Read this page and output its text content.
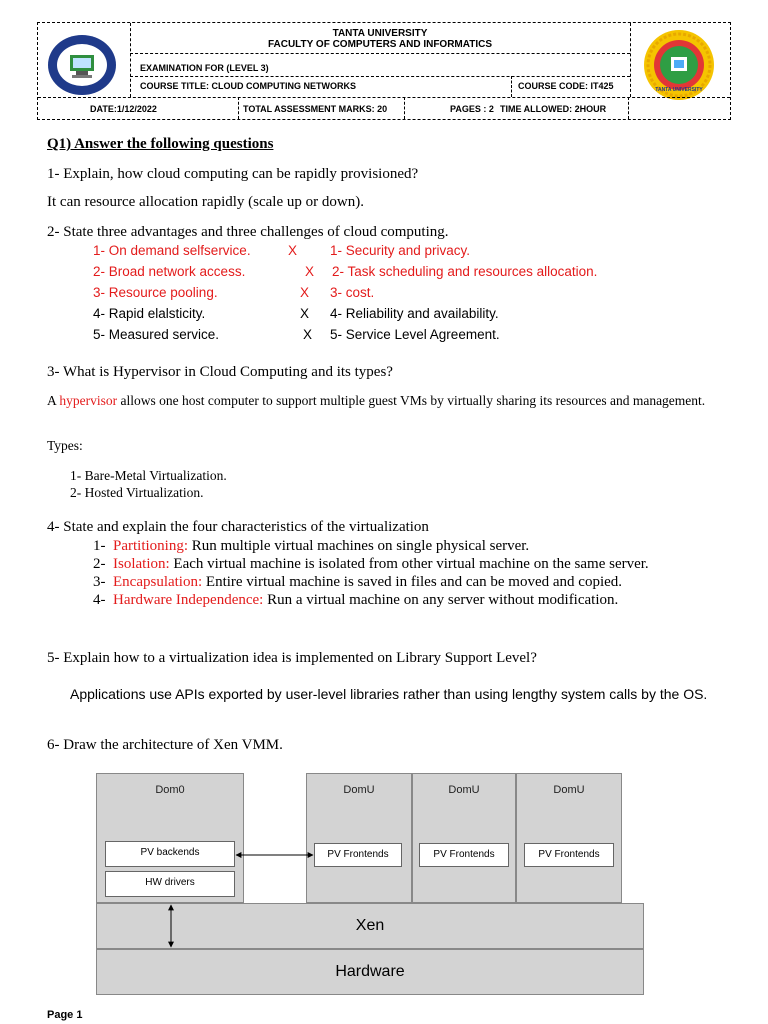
TANTA UNIVERSITY
TANTA UNIVERSITY
FACULTY OF COMPUTERS AND INFORMATICS
EXAMINATION FOR (LEVEL 3)
COURSE TITLE: CLOUD COMPUTING NETWORKS	COURSE CODE: IT425
DATE:1/12/2022	TOTAL ASSESSMENT MARKS: 20	PAGES : 2 TIME ALLOWED: 2HOUR
Q1) Answer the following questions
1- Explain, how cloud computing can be rapidly provisioned?
It can resource allocation rapidly (scale up or down).
2- State three advantages and three challenges of cloud computing.
1- On demand selfservice.	X 1- Security and privacy.
2- Broad network access.	X 2- Task scheduling and resources allocation.
3- Resource pooling.	X 3- cost.
4- Rapid elalsticity.	X 4- Reliability and availability.
5- Measured service.	X 5- Service Level Agreement.
3- What is Hypervisor in Cloud Computing and its types?
A hypervisor allows one host computer to support multiple guest VMs by virtually sharing its resources and management.
Types:
1- Bare-Metal Virtualization.
2- Hosted Virtualization.
4- State and explain the four characteristics of the virtualization
1- Partitioning: Run multiple virtual machines on single physical server.
2- Isolation: Each virtual machine is isolated from other virtual machine on the same server.
3- Encapsulation: Entire virtual machine is saved in files and can be moved and copied.
4- Hardware Independence: Run a virtual machine on any server without modification.
5- Explain how to a virtualization idea is implemented on Library Support Level?
Applications use APIs exported by user-level libraries rather than using lengthy system calls by the OS.
6- Draw the architecture of Xen VMM.
Dom0
PV backends
HW drivers
DomU	DomU	DomU
PV Frontends	PV Frontends	PV Frontends
Xen
Hardware
Page 1
